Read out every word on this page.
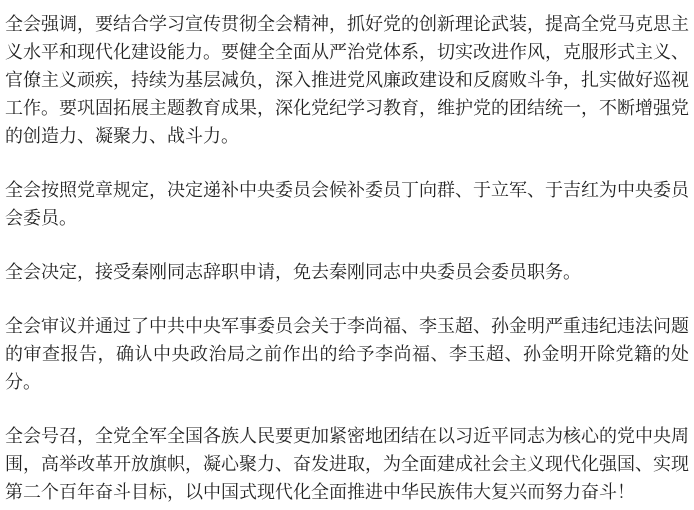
全会强调，要结合学习宣传贯彻全会精神，抓好党的创新理论武装，提高全党马克思主义水平和现代化建设能力。要健全全面从严治党体系，切实改进作风，克服形式主义、官僚主义顽疾，持续为基层减负，深入推进党风廉政建设和反腐败斗争，扎实做好巡视工作。要巩固拓展主题教育成果，深化党纪学习教育，维护党的团结统一，不断增强党的创造力、凝聚力、战斗力。

全会按照党章规定，决定递补中央委员会候补委员丁向群、于立军、于吉红为中央委员会委员。

全会决定，接受秦刚同志辞职申请，免去秦刚同志中央委员会委员职务。

全会审议并通过了中共中央军事委员会关于李尚福、李玉超、孙金明严重违纪违法问题的审查报告，确认中央政治局之前作出的给予李尚福、李玉超、孙金明开除党籍的处分。

全会号召，全党全军全国各族人民要更加紧密地团结在以习近平同志为核心的党中央周围，高举改革开放旗帜，凝心聚力、奋发进取，为全面建成社会主义现代化强国、实现第二个百年奋斗目标，以中国式现代化全面推进中华民族伟大复兴而努力奋斗！
